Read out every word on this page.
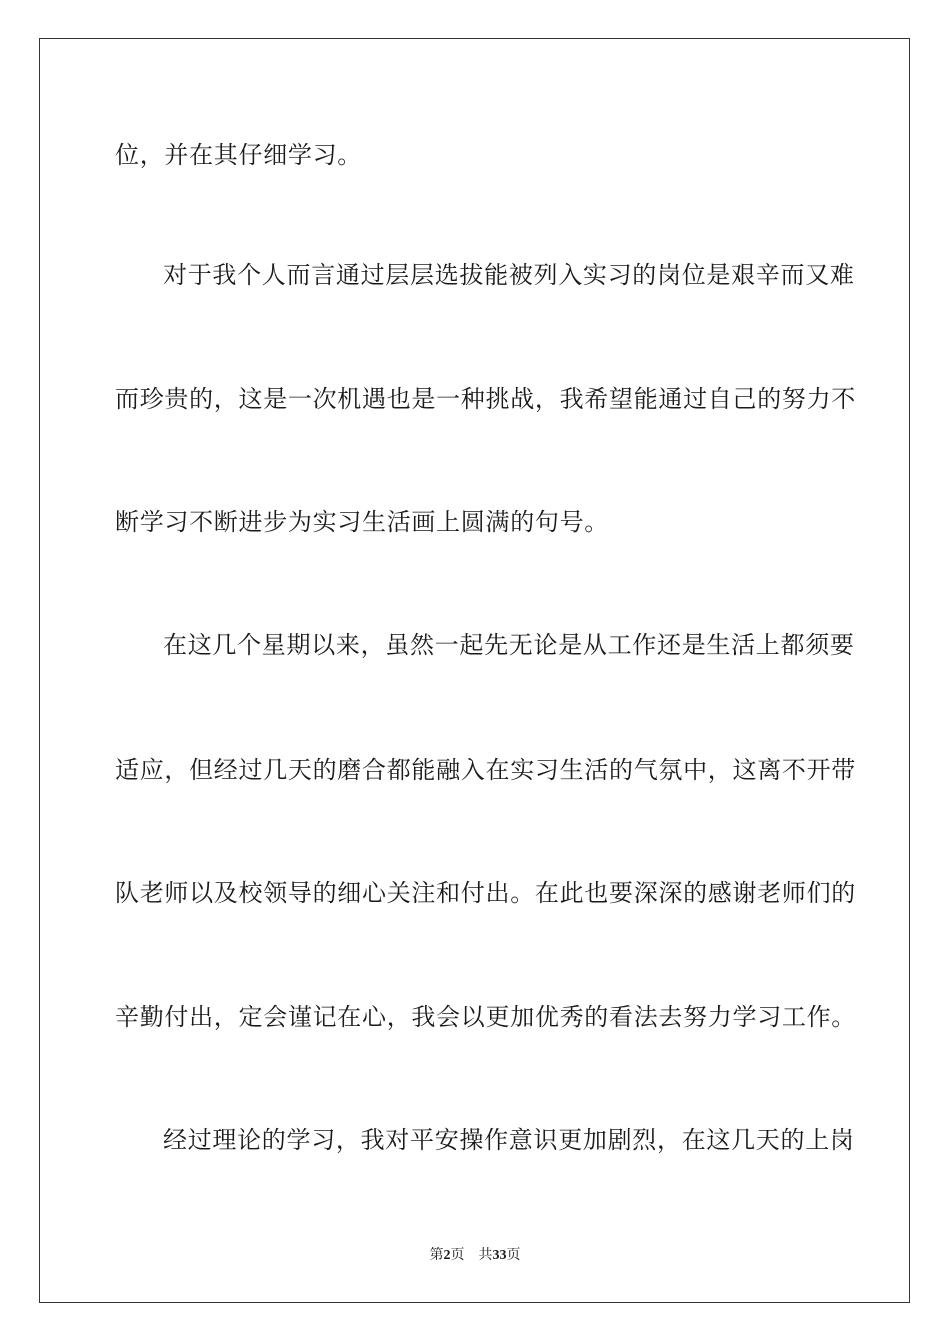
位，并在其仔细学习。
对于我个人而言通过层层选拔能被列入实习的岗位是艰辛而又难
而珍贵的，这是一次机遇也是一种挑战，我希望能通过自己的努力不
断学习不断进步为实习生活画上圆满的句号。
在这几个星期以来，虽然一起先无论是从工作还是生活上都须要
适应，但经过几天的磨合都能融入在实习生活的气氛中，这离不开带
队老师以及校领导的细心关注和付出。在此也要深深的感谢老师们的
辛勤付出，定会谨记在心，我会以更加优秀的看法去努力学习工作。
经过理论的学习，我对平安操作意识更加剧烈，在这几天的上岗
第2页 共33页
